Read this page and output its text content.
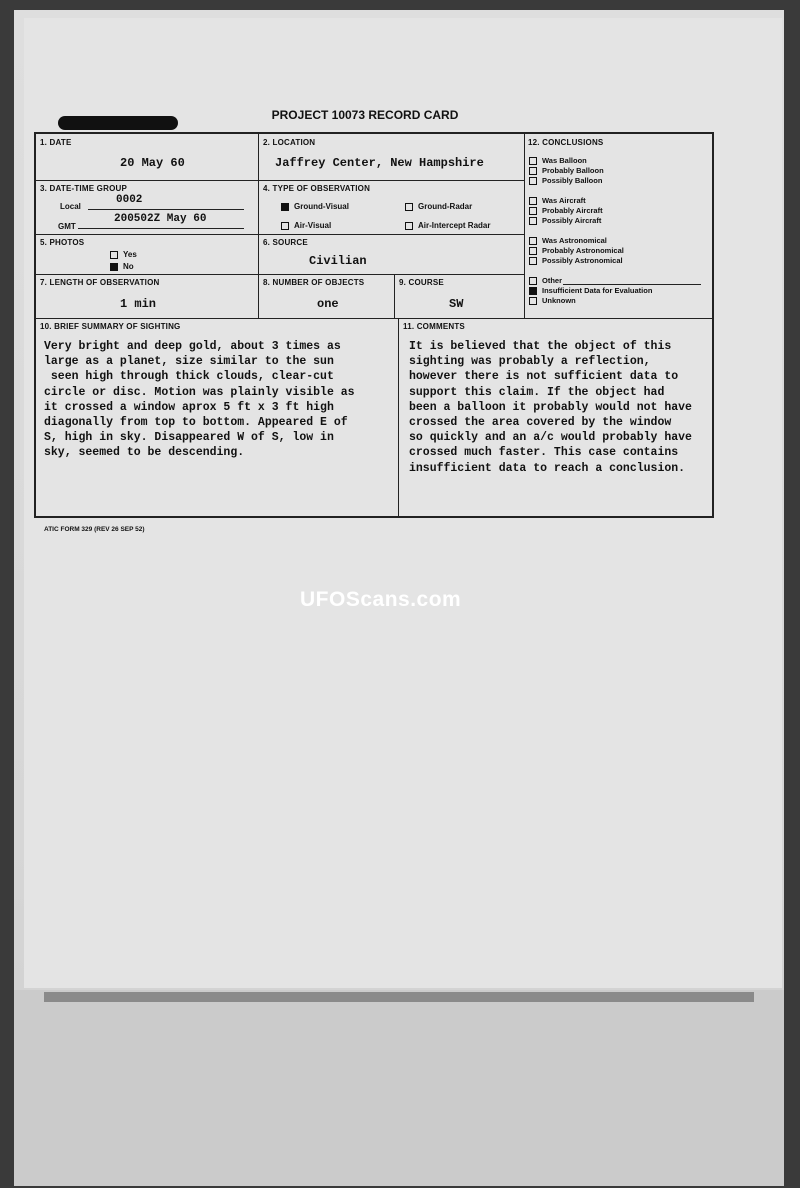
PROJECT 10073 RECORD CARD
1. DATE
20 May 60
2. LOCATION
Jaffrey Center, New Hampshire
3. DATE-TIME GROUP
Local
0002
GMT
200502Z May 60
4. TYPE OF OBSERVATION
Ground-Visual	Ground-Radar
Air-Visual	Air-Intercept Radar
5. PHOTOS
Yes
No
6. SOURCE
Civilian
7. LENGTH OF OBSERVATION
1 min
8. NUMBER OF OBJECTS
one
9. COURSE
SW
12. CONCLUSIONS
Was Balloon
Probably Balloon
Possibly Balloon
Was Aircraft
Probably Aircraft
Possibly Aircraft
Was Astronomical
Probably Astronomical
Possibly Astronomical
Other
Insufficient Data for Evaluation
Unknown
10. BRIEF SUMMARY OF SIGHTING
Very bright and deep gold, about 3 times as
large as a planet, size similar to the sun
seen high through thick clouds, clear-cut
circle or disc. Motion was plainly visible as
it crossed a window aprox 5 ft x 3 ft high
diagonally from top to bottom. Appeared E of
S, high in sky. Disappeared W of S, low in
sky, seemed to be descending.
11. COMMENTS
It is believed that the object of this
sighting was probably a reflection,
however there is not sufficient data to
support this claim. If the object had
been a balloon it probably would not have
crossed the area covered by the window
so quickly and an a/c would probably have
crossed much faster. This case contains
insufficient data to reach a conclusion.
ATIC FORM 329 (REV 26 SEP 52)
UFOScans.com
